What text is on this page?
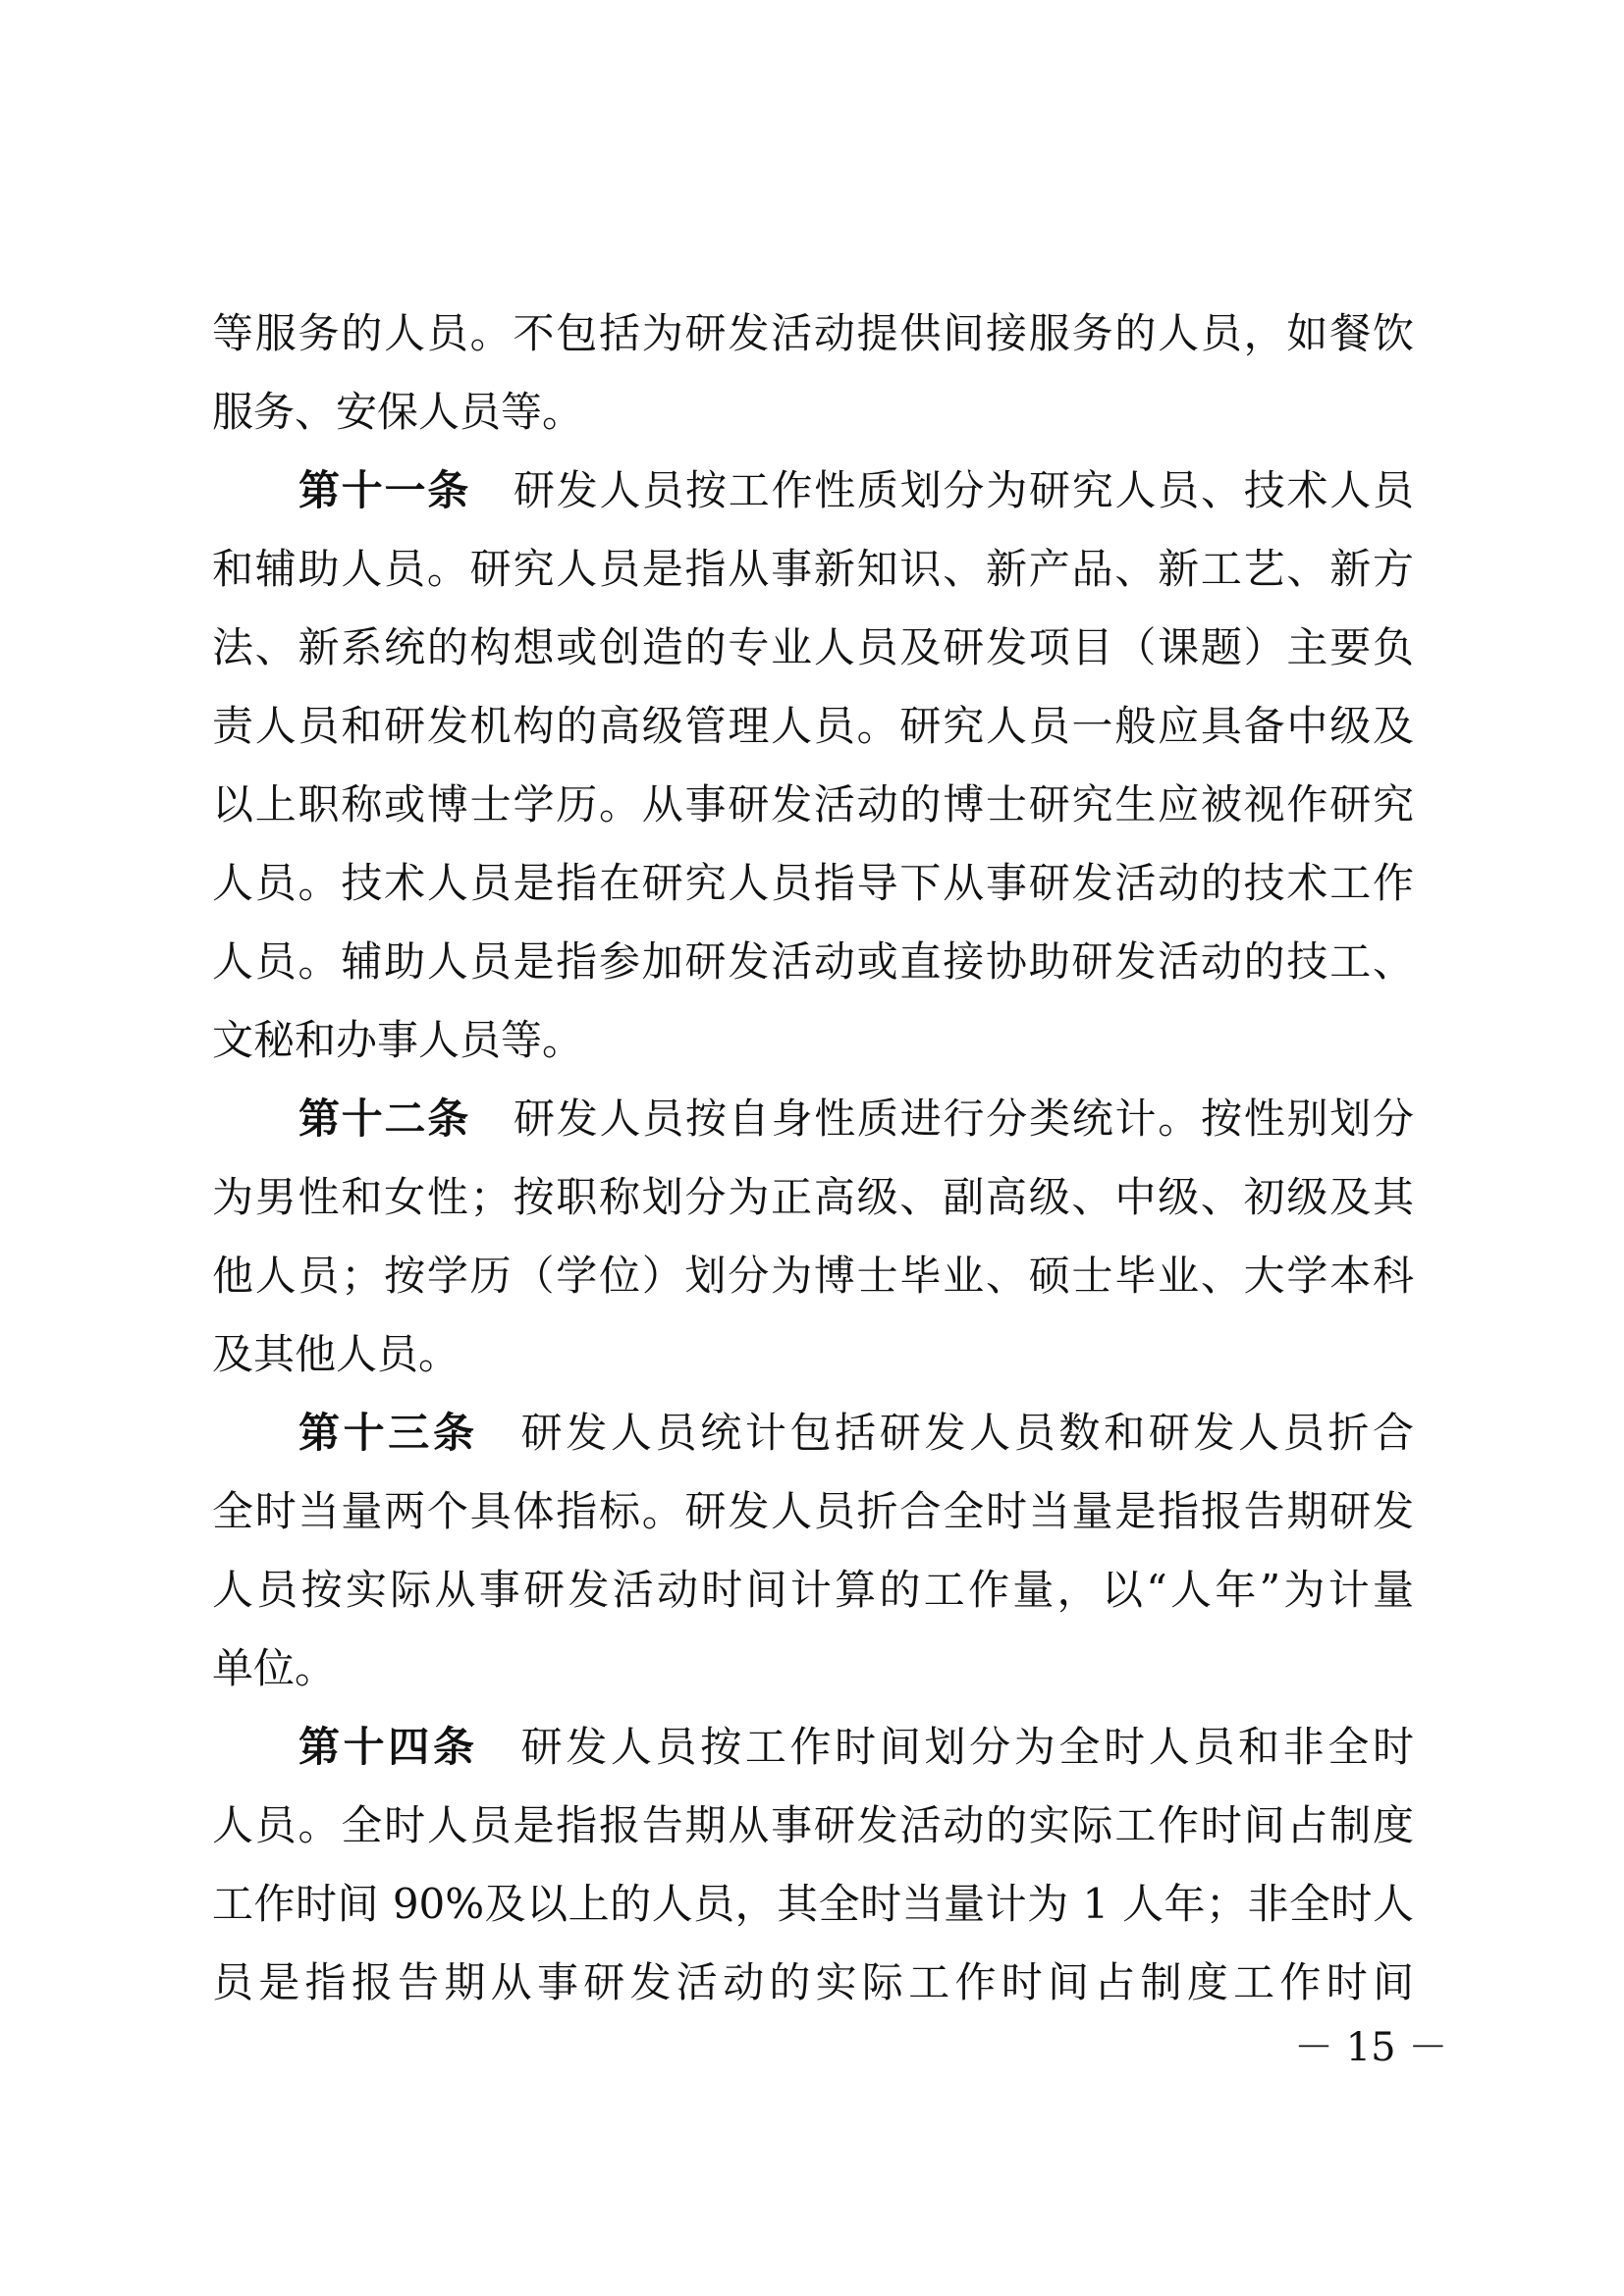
等服务的人员。不包括为研发活动提供间接服务的人员，如餐饮
服务、安保人员等。
第十一条 研发人员按工作性质划分为研究人员、技术人员
和辅助人员。研究人员是指从事新知识、新产品、新工艺、新方
法、新系统的构想或创造的专业人员及研发项目（课题）主要负
责人员和研发机构的高级管理人员。研究人员一般应具备中级及
以上职称或博士学历。从事研发活动的博士研究生应被视作研究
人员。技术人员是指在研究人员指导下从事研发活动的技术工作
人员。辅助人员是指参加研发活动或直接协助研发活动的技工、
文秘和办事人员等。
第十二条 研发人员按自身性质进行分类统计。按性别划分
为男性和女性；按职称划分为正高级、副高级、中级、初级及其
他人员；按学历（学位）划分为博士毕业、硕士毕业、大学本科
及其他人员。
第十三条 研发人员统计包括研发人员数和研发人员折合
全时当量两个具体指标。研发人员折合全时当量是指报告期研发
人员按实际从事研发活动时间计算的工作量，以“人年”为计量
单位。
第十四条 研发人员按工作时间划分为全时人员和非全时
人员。全时人员是指报告期从事研发活动的实际工作时间占制度
工作时间 90%及以上的人员，其全时当量计为 1 人年；非全时人
员是指报告期从事研发活动的实际工作时间占制度工作时间
－ 15 －
